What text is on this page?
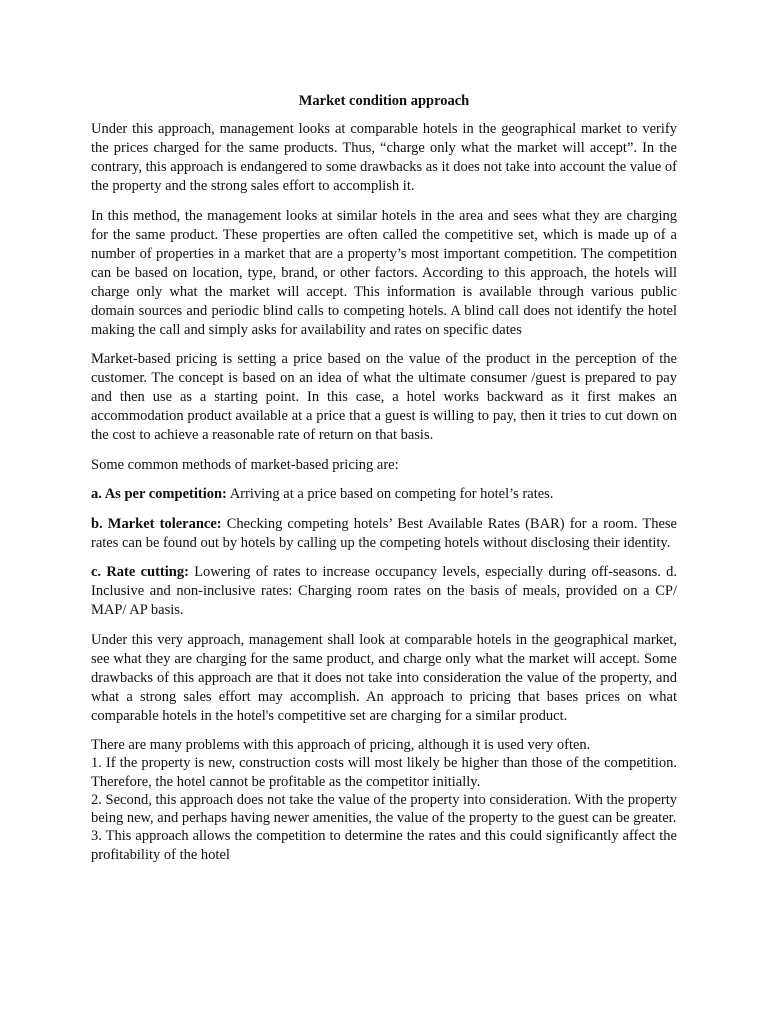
Market condition approach

Under this approach, management looks at comparable hotels in the geographical market to verify the prices charged for the same products. Thus, “charge only what the market will accept”. In the contrary, this approach is endangered to some drawbacks as it does not take into account the value of the property and the strong sales effort to accomplish it.

In this method, the management looks at similar hotels in the area and sees what they are charging for the same product. These properties are often called the competitive set, which is made up of a number of properties in a market that are a property’s most important competition. The competition can be based on location, type, brand, or other factors. According to this approach, the hotels will charge only what the market will accept. This information is available through various public domain sources and periodic blind calls to competing hotels. A blind call does not identify the hotel making the call and simply asks for availability and rates on specific dates

Market-based pricing is setting a price based on the value of the product in the perception of the customer. The concept is based on an idea of what the ultimate consumer /guest is prepared to pay and then use as a starting point. In this case, a hotel works backward as it first makes an accommodation product available at a price that a guest is willing to pay, then it tries to cut down on the cost to achieve a reasonable rate of return on that basis.

Some common methods of market-based pricing are:

a. As per competition: Arriving at a price based on competing for hotel’s rates.

b. Market tolerance: Checking competing hotels’ Best Available Rates (BAR) for a room. These rates can be found out by hotels by calling up the competing hotels without disclosing their identity.

c. Rate cutting: Lowering of rates to increase occupancy levels, especially during off-seasons. d. Inclusive and non-inclusive rates: Charging room rates on the basis of meals, provided on a CP/ MAP/ AP basis.

Under this very approach, management shall look at comparable hotels in the geographical market, see what they are charging for the same product, and charge only what the market will accept. Some drawbacks of this approach are that it does not take into consideration the value of the property, and what a strong sales effort may accomplish. An approach to pricing that bases prices on what comparable hotels in the hotel's competitive set are charging for a similar product.

There are many problems with this approach of pricing, although it is used very often.

1. If the property is new, construction costs will most likely be higher than those of the competition. Therefore, the hotel cannot be profitable as the competitor initially.

2. Second, this approach does not take the value of the property into consideration. With the property being new, and perhaps having newer amenities, the value of the property to the guest can be greater.

3. This approach allows the competition to determine the rates and this could significantly affect the profitability of the hotel
